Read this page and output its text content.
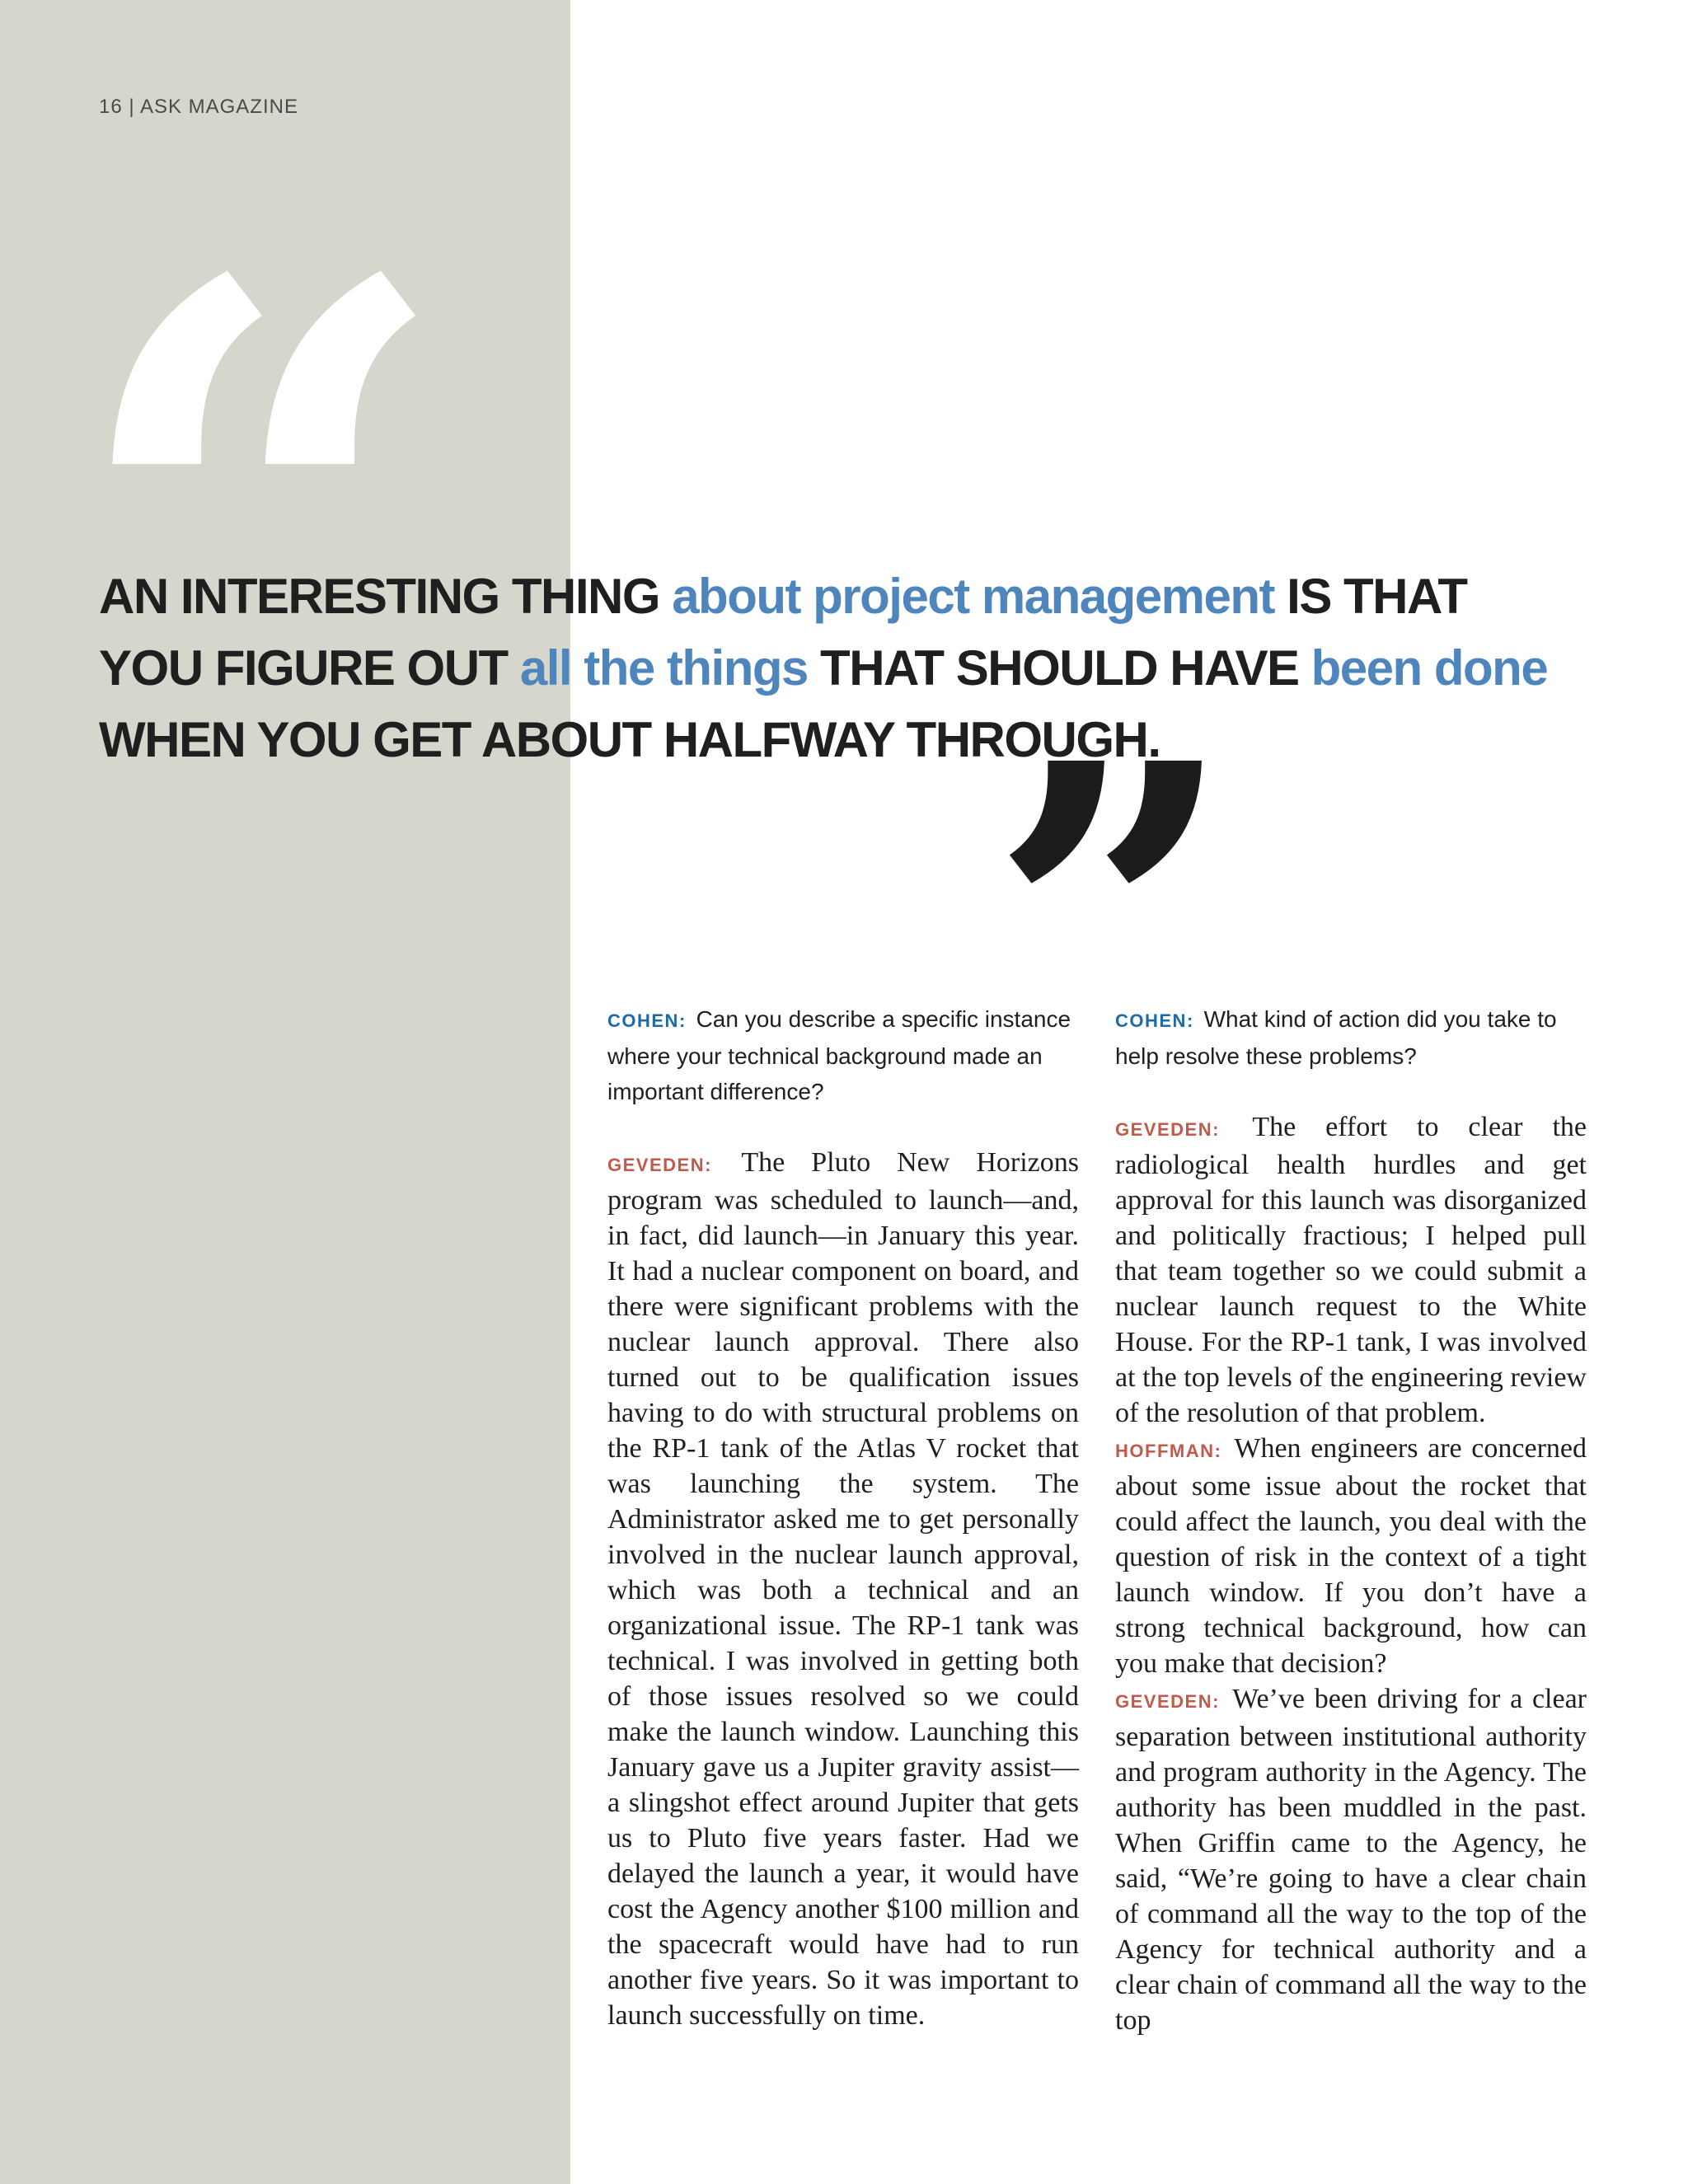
16 | ASK MAGAZINE
AN INTERESTING THING about project management IS THAT
YOU FIGURE OUT all the things THAT SHOULD HAVE been done
WHEN YOU GET ABOUT HALFWAY THROUGH.
COHEN: Can you describe a specific instance where your technical background made an important difference?

GEVEDEN: The Pluto New Horizons program was scheduled to launch—and, in fact, did launch—in January this year. It had a nuclear component on board, and there were significant problems with the nuclear launch approval. There also turned out to be qualification issues having to do with structural problems on the RP-1 tank of the Atlas V rocket that was launching the system. The Administrator asked me to get personally involved in the nuclear launch approval, which was both a technical and an organizational issue. The RP-1 tank was technical. I was involved in getting both of those issues resolved so we could make the launch window. Launching this January gave us a Jupiter gravity assist—a slingshot effect around Jupiter that gets us to Pluto five years faster. Had we delayed the launch a year, it would have cost the Agency another $100 million and the spacecraft would have had to run another five years. So it was important to launch successfully on time.

COHEN: What kind of action did you take to help resolve these problems?

GEVEDEN: The effort to clear the radiological health hurdles and get approval for this launch was disorganized and politically fractious; I helped pull that team together so we could submit a nuclear launch request to the White House. For the RP-1 tank, I was involved at the top levels of the engineering review of the resolution of that problem.

HOFFMAN: When engineers are concerned about some issue about the rocket that could affect the launch, you deal with the question of risk in the context of a tight launch window. If you don’t have a strong technical background, how can you make that decision?

GEVEDEN: We’ve been driving for a clear separation between institutional authority and program authority in the Agency. The authority has been muddled in the past. When Griffin came to the Agency, he said, “We’re going to have a clear chain of command all the way to the top of the Agency for technical authority and a clear chain of command all the way to the top
